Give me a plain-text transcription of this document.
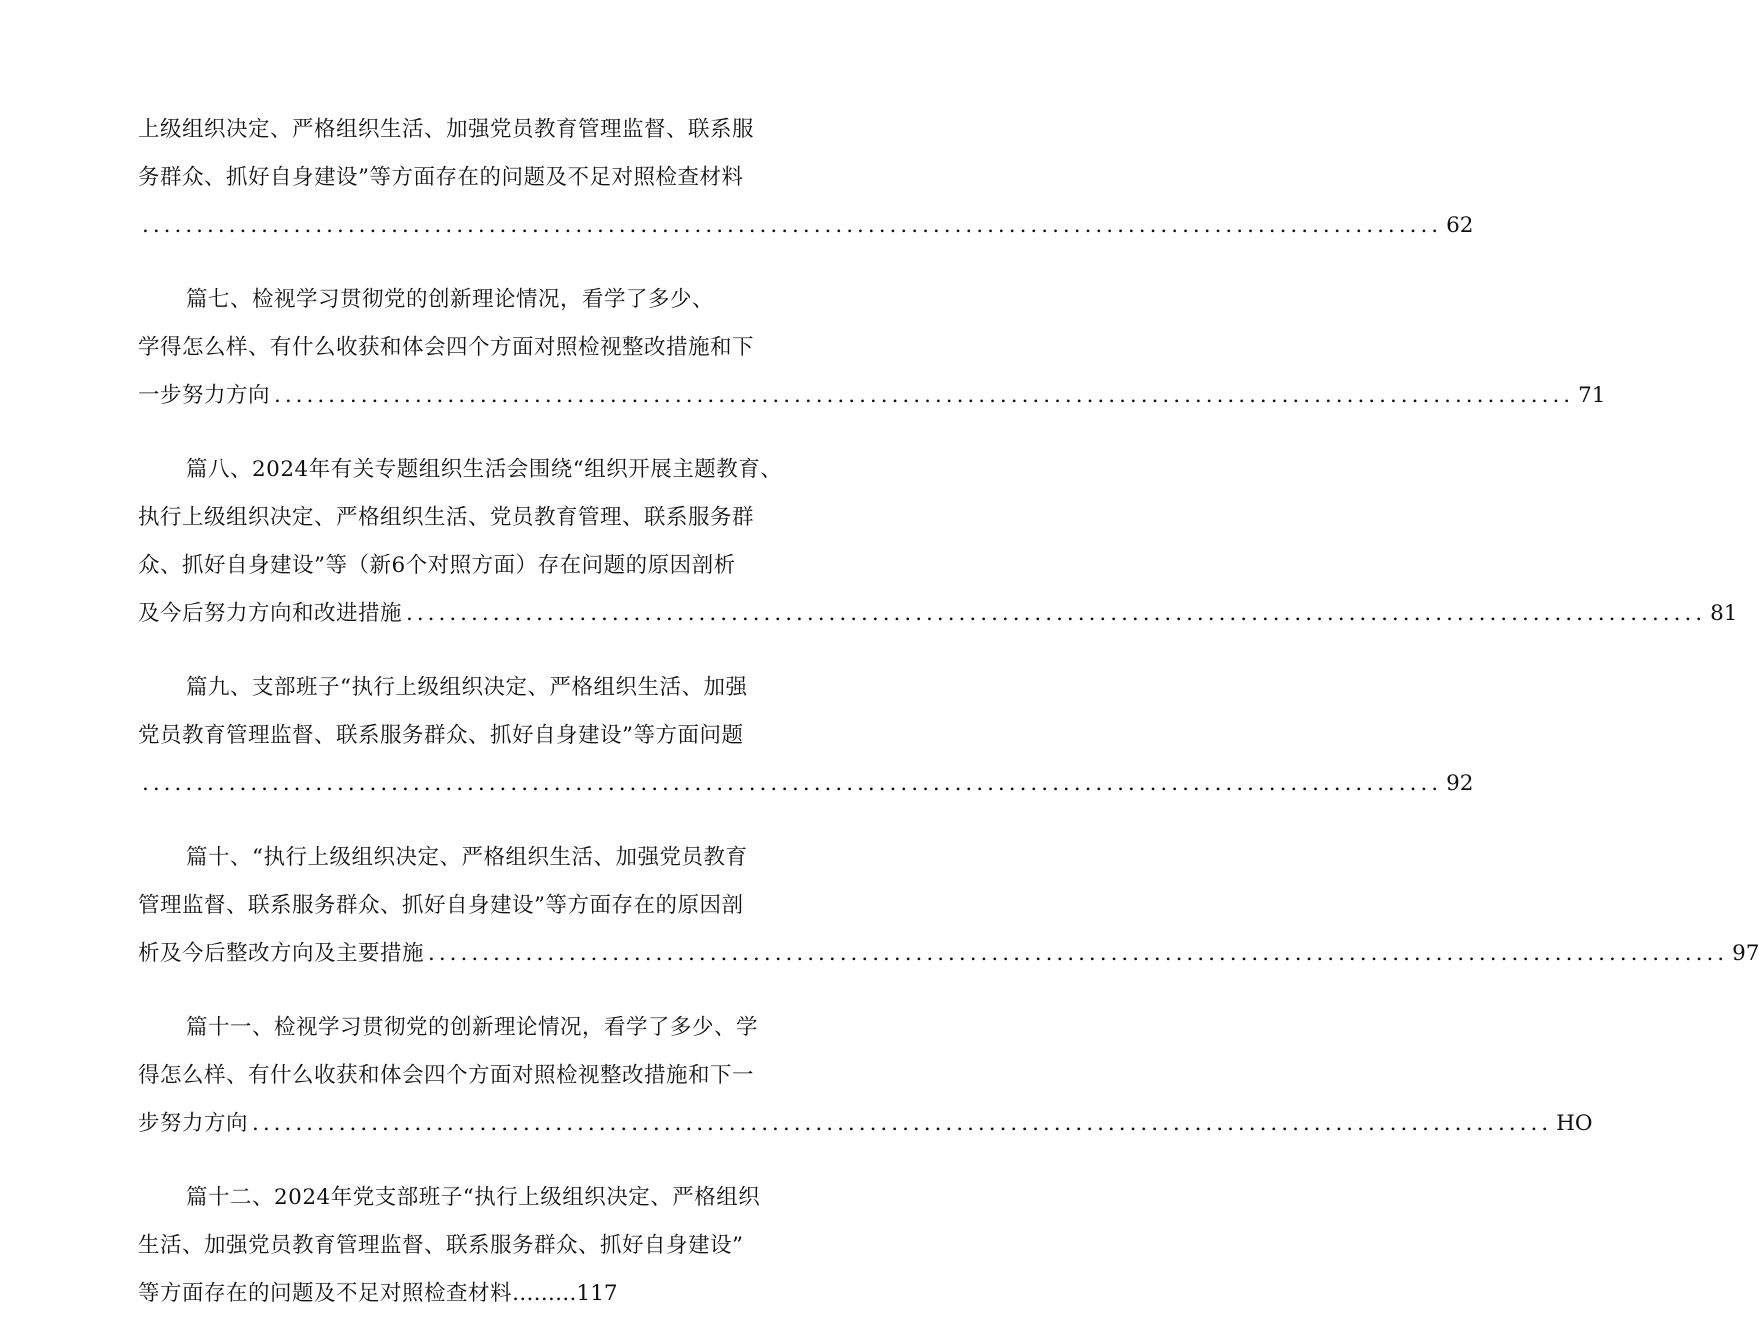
上级组织决定、严格组织生活、加强党员教育管理监督、联系服
务群众、抓好自身建设”等方面存在的问题及不足对照检查材料
........................................................................................................................ 62
篇七、检视学习贯彻党的创新理论情况，看学了多少、
学得怎么样、有什么收获和体会四个方面对照检视整改措施和下
一步努力方向 ........................................................................................................................ 71
篇八、2024年有关专题组织生活会围绕“组织开展主题教育、
执行上级组织决定、严格组织生活、党员教育管理、联系服务群
众、抓好自身建设”等（新6个对照方面）存在问题的原因剖析
及今后努力方向和改进措施 ........................................................................................................................ 81
篇九、支部班子“执行上级组织决定、严格组织生活、加强
党员教育管理监督、联系服务群众、抓好自身建设”等方面问题
........................................................................................................................ 92
篇十、“执行上级组织决定、严格组织生活、加强党员教育
管理监督、联系服务群众、抓好自身建设”等方面存在的原因剖
析及今后整改方向及主要措施 ........................................................................................................................ 97
篇十一、检视学习贯彻党的创新理论情况，看学了多少、学
得怎么样、有什么收获和体会四个方面对照检视整改措施和下一
步努力方向 ........................................................................................................................ HO
篇十二、2024年党支部班子“执行上级组织决定、严格组织
生活、加强党员教育管理监督、联系服务群众、抓好自身建设”
等方面存在的问题及不足对照检查材料 ……… 117
